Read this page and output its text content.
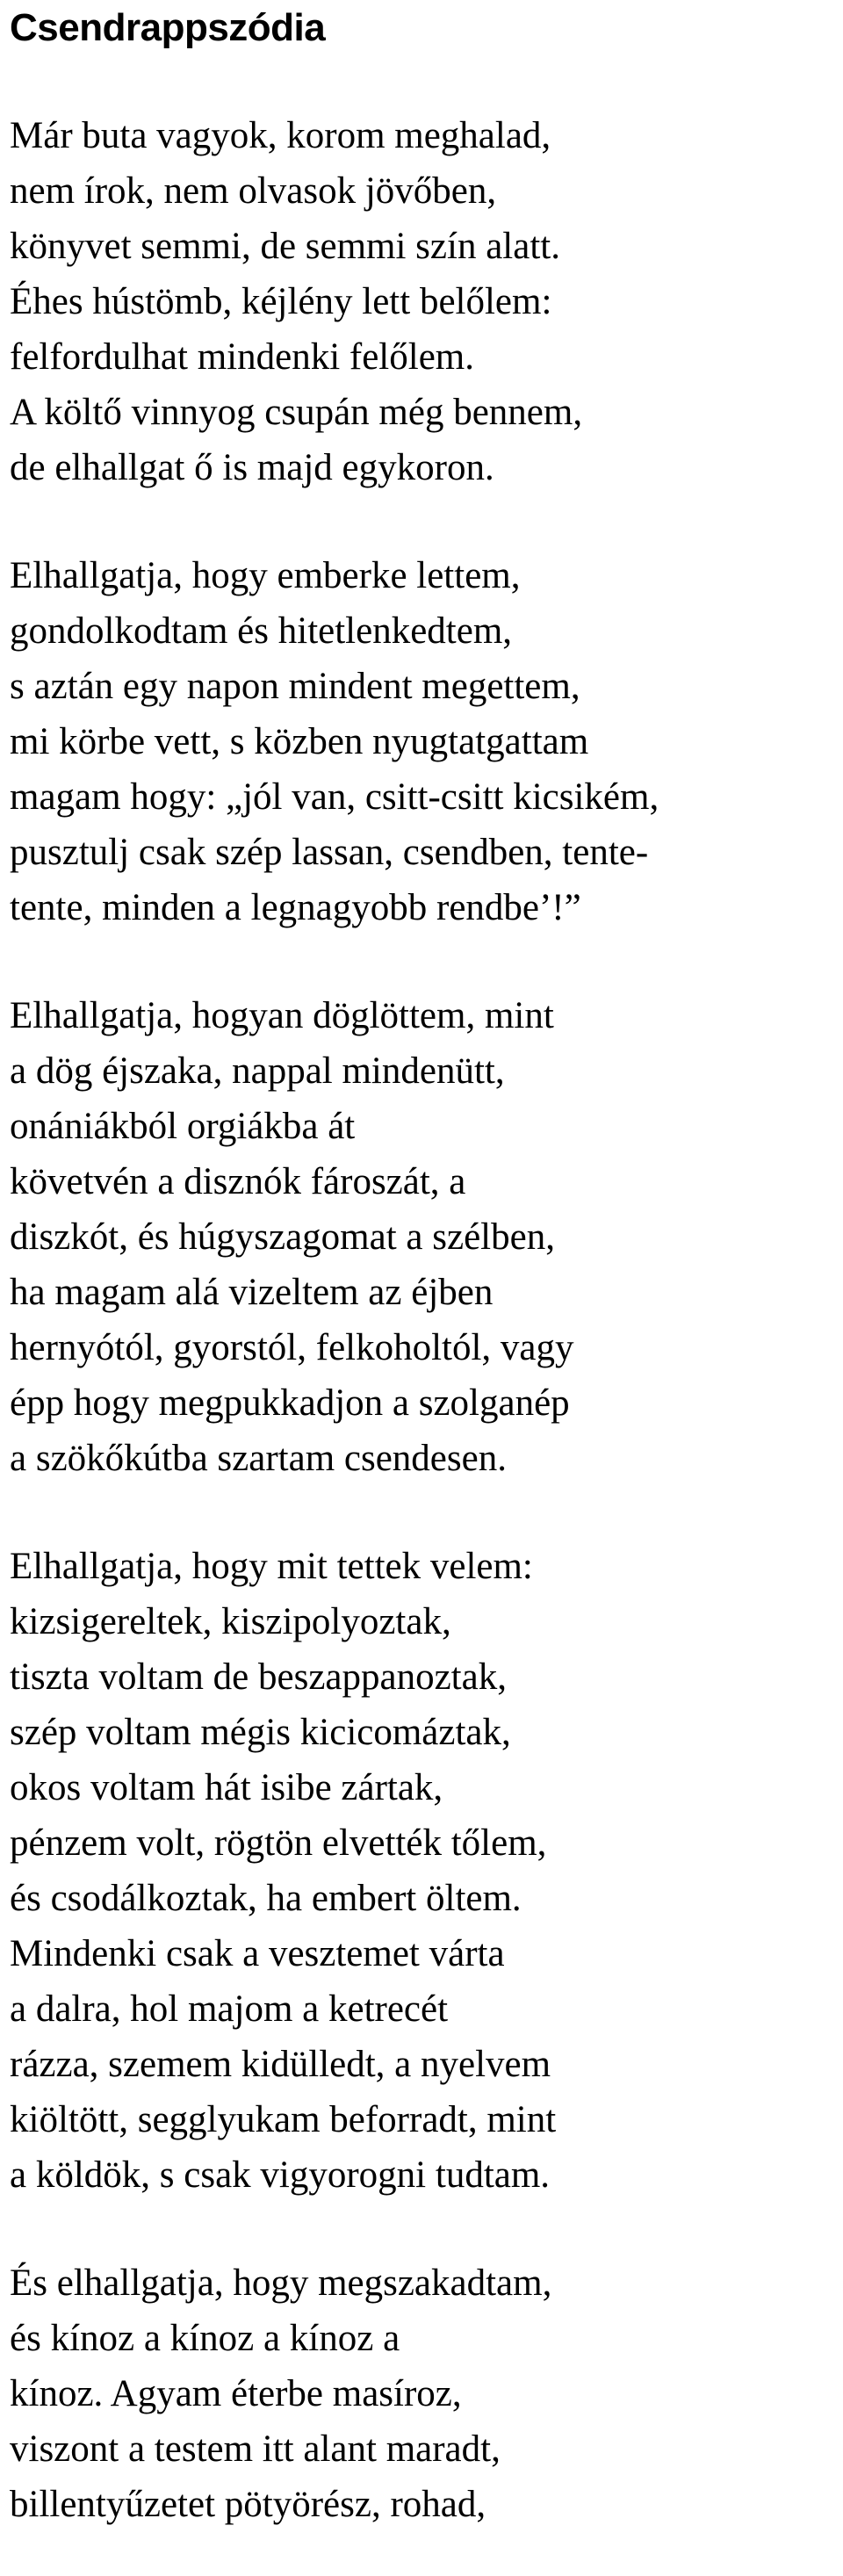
Csendrappszódia
Már buta vagyok, korom meghalad,
nem írok, nem olvasok jövőben,
könyvet semmi, de semmi szín alatt.
Éhes hústömb, kéjlény lett belőlem:
felfordulhat mindenki felőlem.
A költő vinnyog csupán még bennem,
de elhallgat ő is majd egykoron.
Elhallgatja, hogy emberke lettem,
gondolkodtam és hitetlenkedtem,
s aztán egy napon mindent megettem,
mi körbe vett, s közben nyugtatgattam
magam hogy: „jól van, csitt-csitt kicsikém,
pusztulj csak szép lassan, csendben, tente-
tente, minden a legnagyobb rendbe’!”
Elhallgatja, hogyan döglöttem, mint
a dög éjszaka, nappal mindenütt,
onániákból orgiákba át
követvén a disznók fároszát, a
diszkót, és húgyszagomat a szélben,
ha magam alá vizeltem az éjben
hernyótól, gyorstól, felkoholtól, vagy
épp hogy megpukkadjon a szolganép
a szökőkútba szartam csendesen.
Elhallgatja, hogy mit tettek velem:
kizsigereltek, kiszipolyoztak,
tiszta voltam de beszappanoztak,
szép voltam mégis kicicomáztak,
okos voltam hát isibe zártak,
pénzem volt, rögtön elvették tőlem,
és csodálkoztak, ha embert öltem.
Mindenki csak a vesztemet várta
a dalra, hol majom a ketrecét
rázza, szemem kidülledt, a nyelvem
kiöltött, segglyukam beforradt, mint
a köldök, s csak vigyorogni tudtam.
És elhallgatja, hogy megszakadtam,
és kínoz a kínoz a kínoz a
kínoz. Agyam éterbe masíroz,
viszont a testem itt alant maradt,
billentyűzetet pötyörész, rohad,
